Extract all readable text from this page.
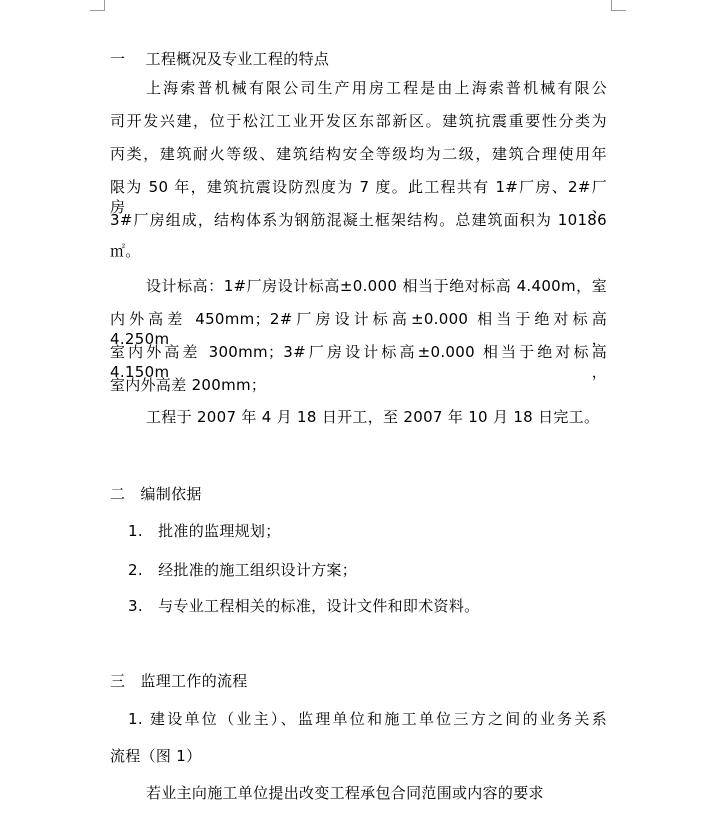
一    工程概况及专业工程的特点
上海索普机械有限公司生产用房工程是由上海索普机械有限公
司开发兴建，位于松江工业开发区东部新区。建筑抗震重要性分类为
丙类，建筑耐火等级、建筑结构安全等级均为二级，建筑合理使用年
限为 50 年，建筑抗震设防烈度为 7 度。此工程共有 1#厂房、2#厂房、
3#厂房组成，结构体系为钢筋混凝土框架结构。总建筑面积为 10186
㎡。
设计标高：1#厂房设计标高±0.000 相当于绝对标高 4.400m，室
内外高差 450mm；2#厂房设计标高±0.000 相当于绝对标高 4.250m，
室内外高差 300mm；3#厂房设计标高±0.000 相当于绝对标高 4.150m，
室内外高差 200mm；
工程于 2007 年 4 月 18 日开工，至 2007 年 10 月 18 日完工。
二   编制依据
1.   批准的监理规划；
2.   经批准的施工组织设计方案；
3.   与专业工程相关的标准，设计文件和即术资料。
三   监理工作的流程
1. 建设单位（业主）、监理单位和施工单位三方之间的业务关系
流程（图 1）
若业主向施工单位提出改变工程承包合同范围或内容的要求
